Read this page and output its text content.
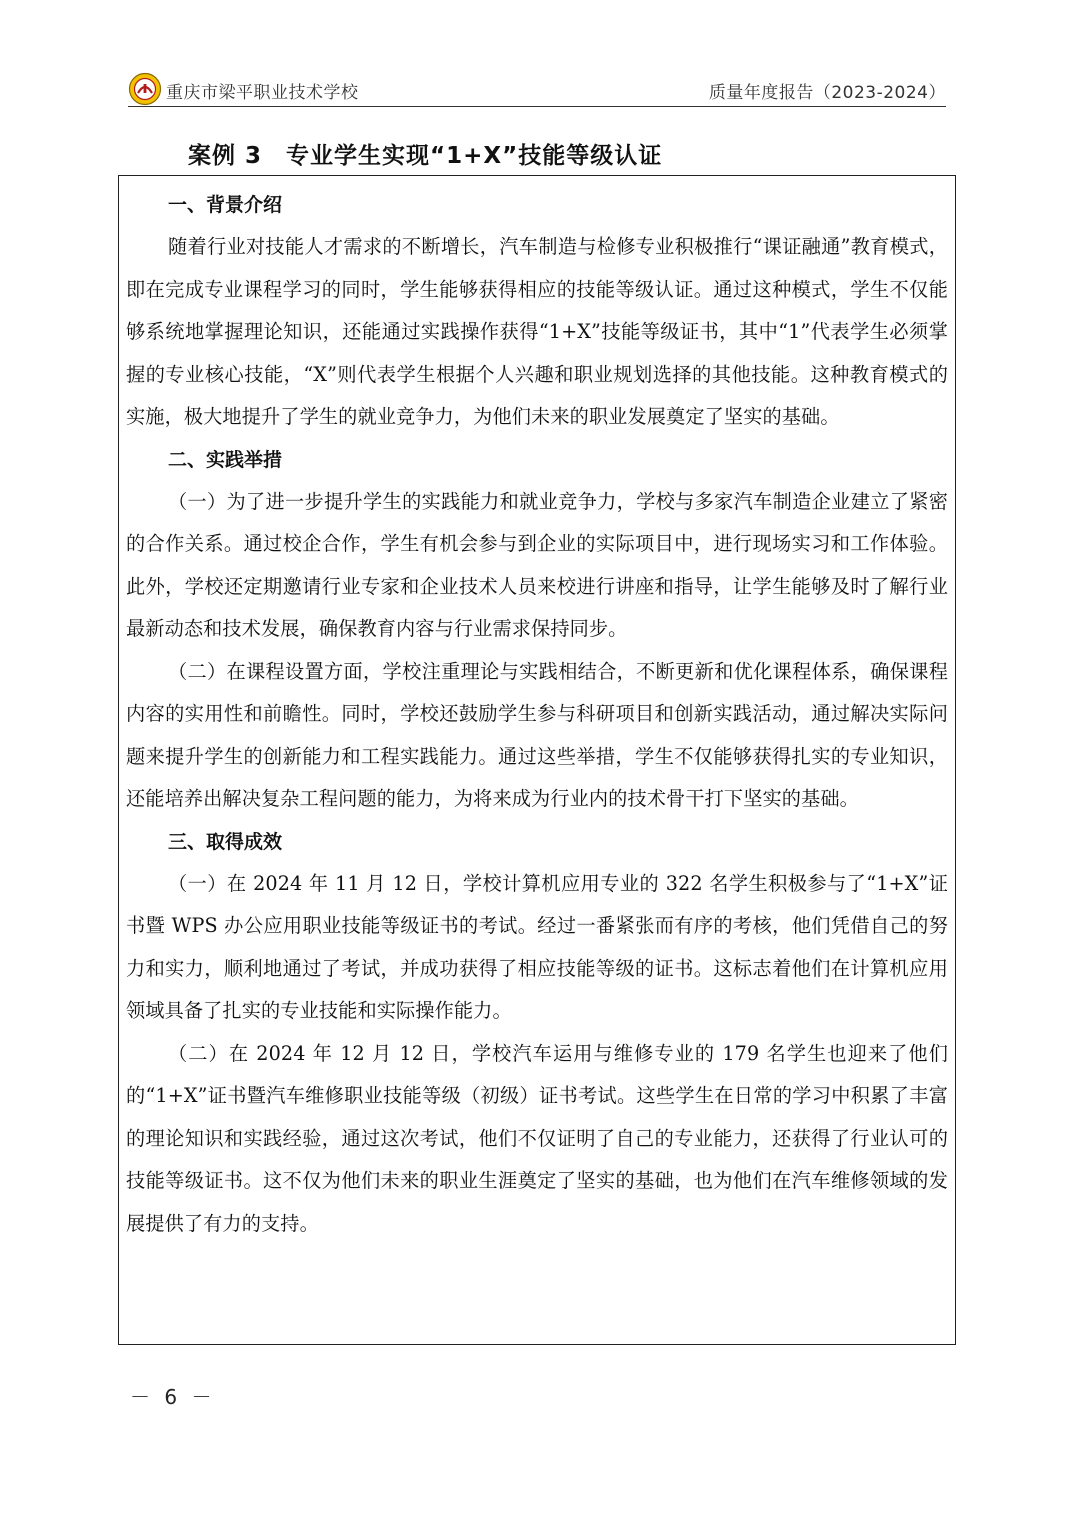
重庆市梁平职业技术学校	质量年度报告（2023-2024）
案例 3　专业学生实现“1+X”技能等级认证

一、背景介绍

随着行业对技能人才需求的不断增长，汽车制造与检修专业积极推行“课证融通”教育模式，即在完成专业课程学习的同时，学生能够获得相应的技能等级认证。通过这种模式，学生不仅能够系统地掌握理论知识，还能通过实践操作获得“1+X”技能等级证书，其中“1”代表学生必须掌握的专业核心技能，“X”则代表学生根据个人兴趣和职业规划选择的其他技能。这种教育模式的实施，极大地提升了学生的就业竞争力，为他们未来的职业发展奠定了坚实的基础。

二、实践举措

（一）为了进一步提升学生的实践能力和就业竞争力，学校与多家汽车制造企业建立了紧密的合作关系。通过校企合作，学生有机会参与到企业的实际项目中，进行现场实习和工作体验。此外，学校还定期邀请行业专家和企业技术人员来校进行讲座和指导，让学生能够及时了解行业最新动态和技术发展，确保教育内容与行业需求保持同步。

（二）在课程设置方面，学校注重理论与实践相结合，不断更新和优化课程体系，确保课程内容的实用性和前瞻性。同时，学校还鼓励学生参与科研项目和创新实践活动，通过解决实际问题来提升学生的创新能力和工程实践能力。通过这些举措，学生不仅能够获得扎实的专业知识，还能培养出解决复杂工程问题的能力，为将来成为行业内的技术骨干打下坚实的基础。

三、取得成效

（一）在 2024 年 11 月 12 日，学校计算机应用专业的 322 名学生积极参与了“1+X”证书暨 WPS 办公应用职业技能等级证书的考试。经过一番紧张而有序的考核，他们凭借自己的努力和实力，顺利地通过了考试，并成功获得了相应技能等级的证书。这标志着他们在计算机应用领域具备了扎实的专业技能和实际操作能力。

（二）在 2024 年 12 月 12 日，学校汽车运用与维修专业的 179 名学生也迎来了他们的“1+X”证书暨汽车维修职业技能等级（初级）证书考试。这些学生在日常的学习中积累了丰富的理论知识和实践经验，通过这次考试，他们不仅证明了自己的专业能力，还获得了行业认可的技能等级证书。这不仅为他们未来的职业生涯奠定了坚实的基础，也为他们在汽车维修领域的发展提供了有力的支持。

－ 6 －
